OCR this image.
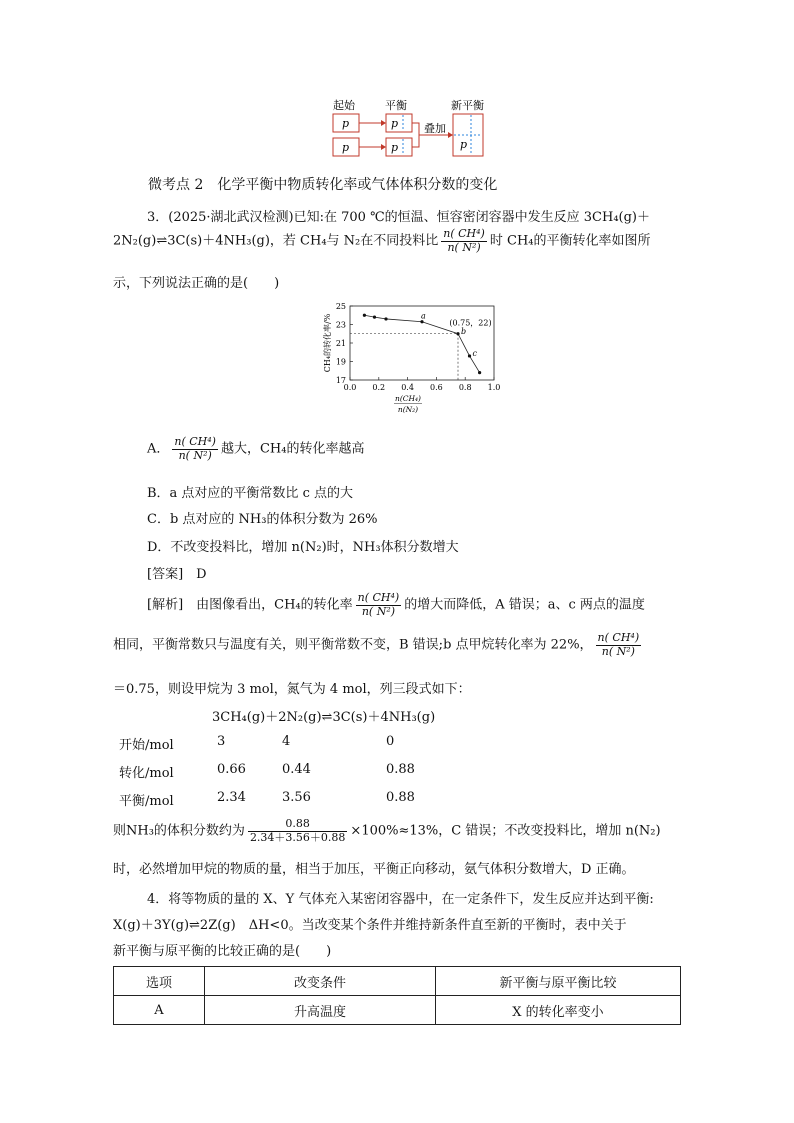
起始	平衡	新平衡
p
p
p
p
叠加
p
微考点 2　化学平衡中物质转化率或气体体积分数的变化
3．(2025·湖北武汉检测)已知:在 700 ℃的恒温、恒容密闭容器中发生反应 3CH₄(g)＋
2N₂(g)⇌3C(s)＋4NH₃(g)，若 CH₄与 N₂在不同投料比 $\frac{\text{n( CH⁴)}}{\text{n( N²)}}$ 时 CH₄的平衡转化率如图所
示，下列说法正确的是(　　)
0.0 0.2 0.4 0.6 0.8 1.0
17
19
21
23
25
a
b
c
(0.75，22)
CH₄的转化率/%
n(CH₄)
n(N₂)
A． $\frac{\text{n( CH⁴)}}{\text{n( N²)}}$ 越大，CH₄的转化率越高
B．a 点对应的平衡常数比 c 点的大
C．b 点对应的 NH₃的体积分数为 26%
D．不改变投料比，增加 n(N₂)时，NH₃体积分数增大
[答案]　 D
[解析]　由图像看出，CH₄的转化率 $\frac{\text{n( CH⁴)}}{\text{n( N²)}}$ 的增大而降低，A 错误；a、c 两点的温度
相同，平衡常数只与温度有关，则平衡常数不变，B 错误;b 点甲烷转化率为 22%， $\frac{\text{n( CH⁴)}}{\text{n( N²)}}$
＝0.75，则设甲烷为 3 mol，氮气为 4 mol，列三段式如下：
3CH₄(g)＋2N₂(g)⇌3C(s)＋4NH₃(g)
开始/mol	3	4	0
转化/mol	0.66	0.44	0.88
平衡/mol	2.34	3.56	0.88
则NH₃的体积分数约为 $\frac{0.88}{2.34+3.56+0.88} \times 100\%\approx 13\%$，C 错误；不改变投料比，增加 n(N₂)
时，必然增加甲烷的物质的量，相当于加压，平衡正向移动，氨气体积分数增大，D 正确。
4．将等物质的量的 X、Y 气体充入某密闭容器中，在一定条件下，发生反应并达到平衡:
X(g)＋3Y(g)⇌2Z(g)　ΔH<0。当改变某个条件并维持新条件直至新的平衡时，表中关于
新平衡与原平衡的比较正确的是(　　)
选项	改变条件	新平衡与原平衡比较
A	升高温度	X 的转化率变小
